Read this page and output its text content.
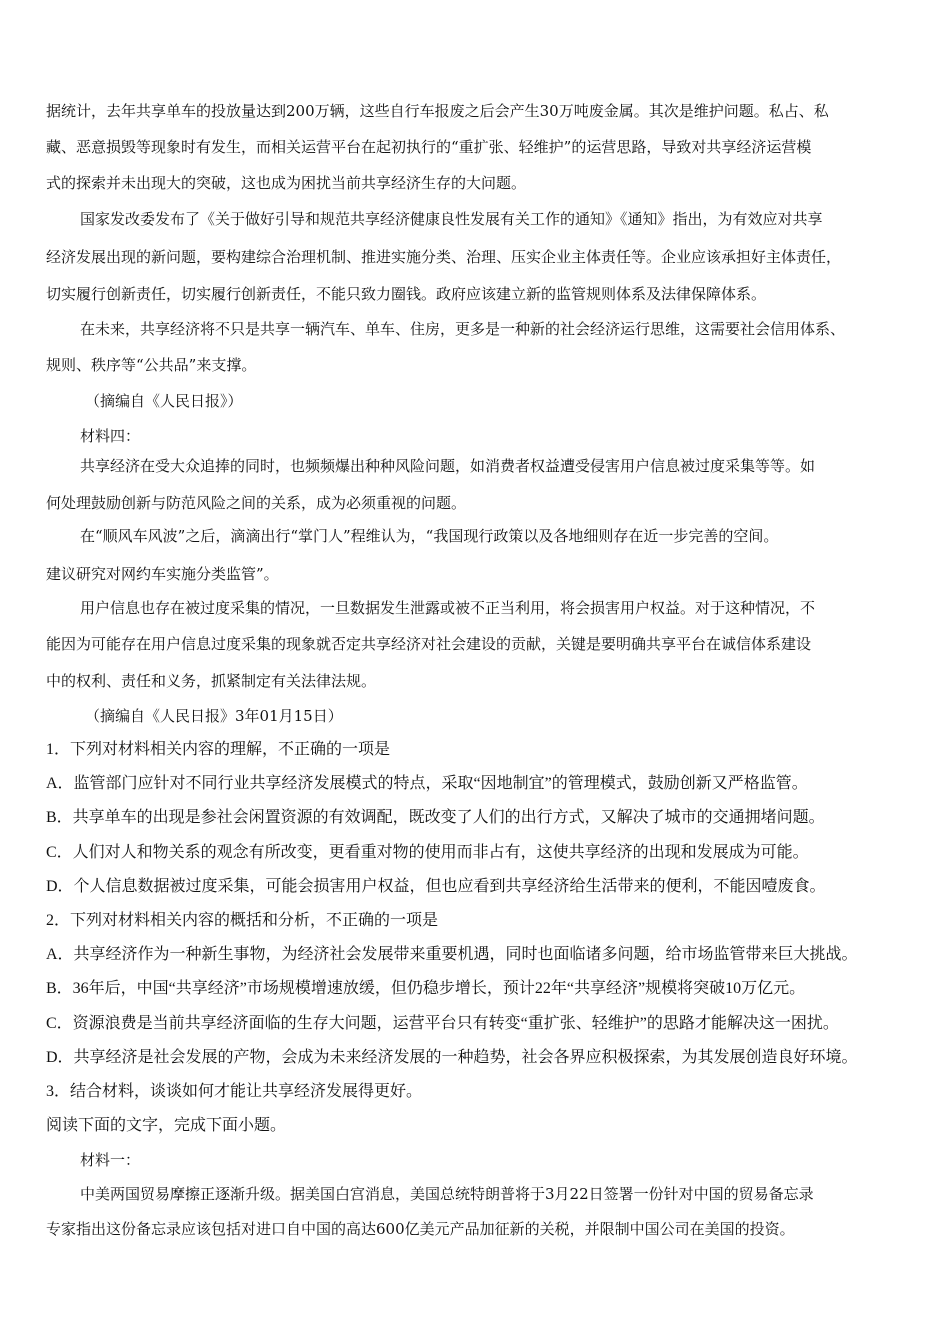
据统计，去年共享单车的投放量达到200万辆，这些自行车报废之后会产生30万吨废金属。其次是维护问题。私占、私
藏、恶意损毁等现象时有发生，而相关运营平台在起初执行的“重扩张、轻维护”的运营思路，导致对共享经济运营模
式的探索并未出现大的突破，这也成为困扰当前共享经济生存的大问题。
国家发改委发布了《关于做好引导和规范共享经济健康良性发展有关工作的通知》《通知》指出，为有效应对共享
经济发展出现的新问题，要构建综合治理机制、推进实施分类、治理、压实企业主体责任等。企业应该承担好主体责任，
切实履行创新责任，切实履行创新责任，不能只致力圈钱。政府应该建立新的监管规则体系及法律保障体系。
在未来，共享经济将不只是共享一辆汽车、单车、住房，更多是一种新的社会经济运行思维，这需要社会信用体系、
规则、秩序等“公共品”来支撑。
（摘编自《人民日报》）
材料四：
共享经济在受大众追捧的同时，也频频爆出种种风险问题，如消费者权益遭受侵害用户信息被过度采集等等。如
何处理鼓励创新与防范风险之间的关系，成为必须重视的问题。
在“顺风车风波”之后，滴滴出行“掌门人”程维认为，“我国现行政策以及各地细则存在近一步完善的空间。
建议研究对网约车实施分类监管”。
用户信息也存在被过度采集的情况，一旦数据发生泄露或被不正当利用，将会损害用户权益。对于这种情况，不
能因为可能存在用户信息过度采集的现象就否定共享经济对社会建设的贡献，关键是要明确共享平台在诚信体系建设
中的权利、责任和义务，抓紧制定有关法律法规。
（摘编自《人民日报》3年01月15日）
1．下列对材料相关内容的理解，不正确的一项是
A．监管部门应针对不同行业共享经济发展模式的特点，采取“因地制宜”的管理模式，鼓励创新又严格监管。
B．共享单车的出现是参社会闲置资源的有效调配，既改变了人们的出行方式，又解决了城市的交通拥堵问题。
C．人们对人和物关系的观念有所改变，更看重对物的使用而非占有，这使共享经济的出现和发展成为可能。
D．个人信息数据被过度采集，可能会损害用户权益，但也应看到共享经济给生活带来的便利，不能因噎废食。
2．下列对材料相关内容的概括和分析，不正确的一项是
A．共享经济作为一种新生事物，为经济社会发展带来重要机遇，同时也面临诸多问题，给市场监管带来巨大挑战。
B．36年后，中国“共享经济”市场规模增速放缓，但仍稳步增长，预计22年“共享经济”规模将突破10万亿元。
C．资源浪费是当前共享经济面临的生存大问题，运营平台只有转变“重扩张、轻维护”的思路才能解决这一困扰。
D．共享经济是社会发展的产物，会成为未来经济发展的一种趋势，社会各界应积极探索，为其发展创造良好环境。
3．结合材料，谈谈如何才能让共享经济发展得更好。
阅读下面的文字，完成下面小题。
材料一：
中美两国贸易摩擦正逐渐升级。据美国白宫消息，美国总统特朗普将于3月22日签署一份针对中国的贸易备忘录
专家指出这份备忘录应该包括对进口自中国的高达600亿美元产品加征新的关税，并限制中国公司在美国的投资。
